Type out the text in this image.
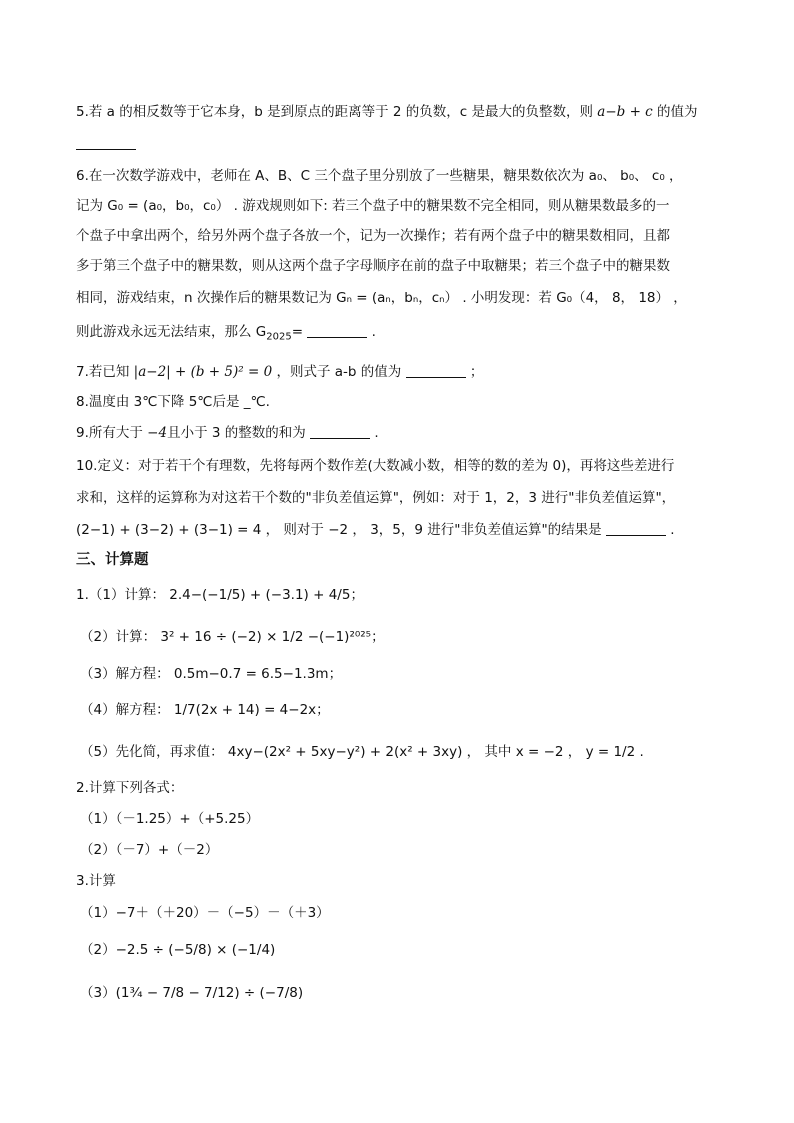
5.若 a 的相反数等于它本身，b 是到原点的距离等于 2 的负数，c 是最大的负整数，则 a−b + c 的值为
6.在一次数学游戏中，老师在 A、B、C 三个盘子里分别放了一些糖果，糖果数依次为 a₀、 b₀、 c₀ ，
记为 G₀ = (a₀，b₀，c₀） . 游戏规则如下: 若三个盘子中的糖果数不完全相同，则从糖果数最多的一
个盘子中拿出两个，给另外两个盘子各放一个，记为一次操作；若有两个盘子中的糖果数相同，且都
多于第三个盘子中的糖果数，则从这两个盘子字母顺序在前的盘子中取糖果；若三个盘子中的糖果数
相同，游戏结束，n 次操作后的糖果数记为 Gₙ = (aₙ，bₙ，cₙ） . 小明发现：若 G₀（4， 8， 18） ，
则此游戏永远无法结束，那么 $G_{2025}=$	.
7.若已知 |a−2| + (b + 5)² = 0 ，则式子 a-b 的值为	；
8.温度由 3℃下降 5℃后是 _℃.
9.所有大于 −4且小于 3 的整数的和为	.
10.定义：对于若干个有理数，先将每两个数作差(大数减小数，相等的数的差为 0)，再将这些差进行
求和，这样的运算称为对这若干个数的"非负差值运算"，例如：对于 1，2，3 进行"非负差值运算"，
(2−1) + (3−2) + (3−1) = 4 ， 则对于 −2 ， 3，5，9 进行"非负差值运算"的结果是	.
三、计算题
1.（1）计算： 2.4−(−1/5) + (−3.1) + 4/5；
（2）计算： 3² + 16 ÷ (−2) × 1/2 −(−1)²⁰²⁵；
（3）解方程： 0.5m−0.7 = 6.5−1.3m；
（4）解方程： 1/7(2x + 14) = 4−2x；
（5）先化简，再求值： 4xy−(2x² + 5xy−y²) + 2(x² + 3xy) ， 其中 x = −2 ， y = 1/2 .
2.计算下列各式：
（1）（－1.25）+（+5.25）
（2）（－7）+（－2）
3.计算
（1）−7＋（＋20）－（−5）－（＋3）
（2）−2.5 ÷ (−5/8) × (−1/4)
（3）(1¾ − 7/8 − 7/12) ÷ (−7/8)
